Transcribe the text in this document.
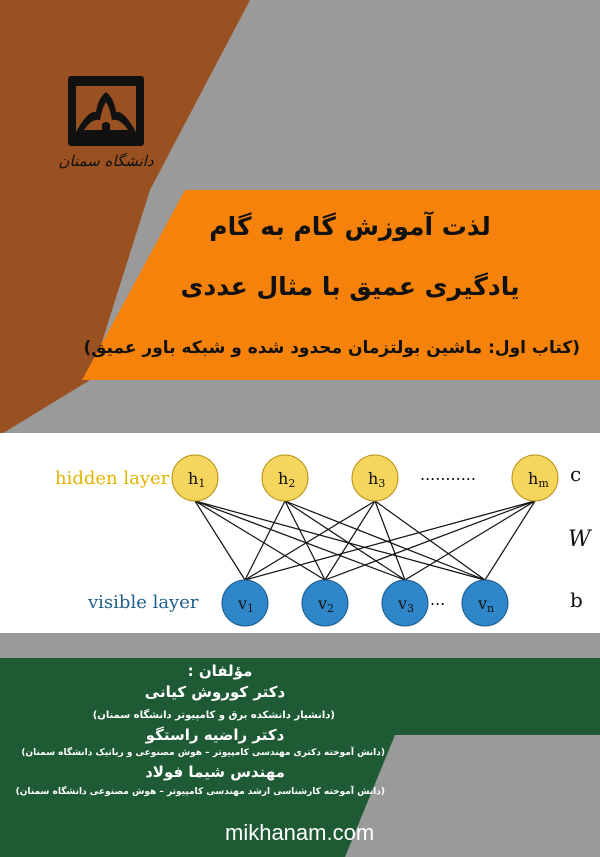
دانشگاه سمنان
لذت آموزش گام به گام
یادگیری عمیق با مثال عددی
(کتاب اول: ماشین بولتزمان محدود شده و شبکه باور عمیق)
h1	h2	h3	hm
v1	v2	v3	vn
hidden layer
visible layer
...........
...
c
W
b
مؤلفان :
دکتر کوروش کیانی
(دانشیار دانشکده برق و کامپیوتر دانشگاه سمنان)
دکتر راضیه راستگو
(دانش آموخته دکتری مهندسی کامپیوتر – هوش مصنوعی و رباتیک دانشگاه سمنان)
مهندس شیما فولاد
(دانش آموخته کارشناسی ارشد مهندسی کامپیوتر – هوش مصنوعی دانشگاه سمنان)
mikhanam.com
